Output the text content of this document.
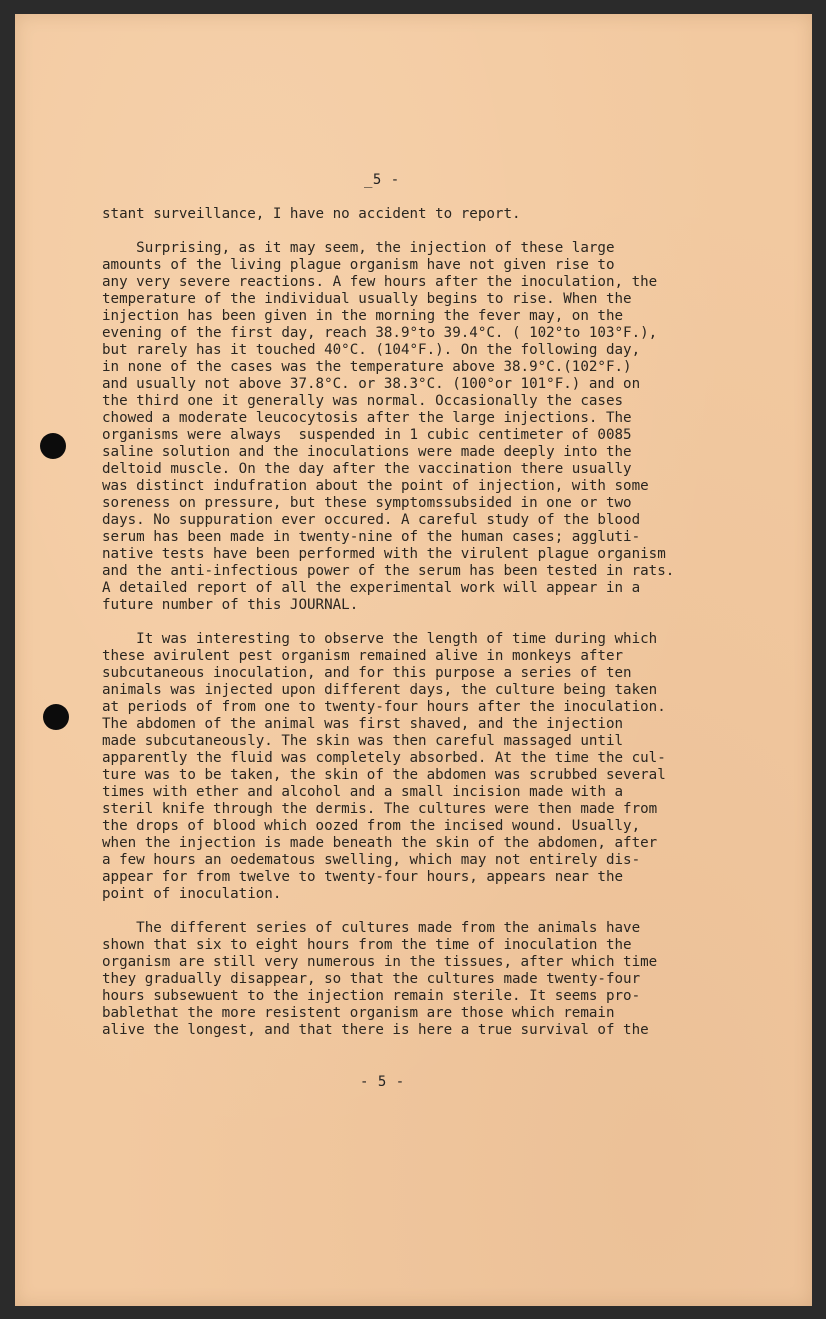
_5 -
stant surveillance, I have no accident to report.
Surprising, as it may seem, the injection of these large
amounts of the living plague organism have not given rise to
any very severe reactions. A few hours after the inoculation, the
temperature of the individual usually begins to rise. When the
injection has been given in the morning the fever may, on the
evening of the first day, reach 38.9°to 39.4°C. ( 102°to 103°F.),
but rarely has it touched 40°C. (104°F.). On the following day,
in none of the cases was the temperature above 38.9°C.(102°F.)
and usually not above 37.8°C. or 38.3°C. (100°or 101°F.) and on
the third one it generally was normal. Occasionally the cases
chowed a moderate leucocytosis after the large injections. The
organisms were always  suspended in 1 cubic centimeter of 0085
saline solution and the inoculations were made deeply into the
deltoid muscle. On the day after the vaccination there usually
was distinct indufration about the point of injection, with some
soreness on pressure, but these symptomssubsided in one or two
days. No suppuration ever occured. A careful study of the blood
serum has been made in twenty-nine of the human cases; aggluti-
native tests have been performed with the virulent plague organism
and the anti-infectious power of the serum has been tested in rats.
A detailed report of all the experimental work will appear in a
future number of this JOURNAL.
It was interesting to observe the length of time during which
these avirulent pest organism remained alive in monkeys after
subcutaneous inoculation, and for this purpose a series of ten
animals was injected upon different days, the culture being taken
at periods of from one to twenty-four hours after the inoculation.
The abdomen of the animal was first shaved, and the injection
made subcutaneously. The skin was then careful massaged until
apparently the fluid was completely absorbed. At the time the cul-
ture was to be taken, the skin of the abdomen was scrubbed several
times with ether and alcohol and a small incision made with a
steril knife through the dermis. The cultures were then made from
the drops of blood which oozed from the incised wound. Usually,
when the injection is made beneath the skin of the abdomen, after
a few hours an oedematous swelling, which may not entirely dis-
appear for from twelve to twenty-four hours, appears near the
point of inoculation.
The different series of cultures made from the animals have
shown that six to eight hours from the time of inoculation the
organism are still very numerous in the tissues, after which time
they gradually disappear, so that the cultures made twenty-four
hours subsewuent to the injection remain sterile. It seems pro-
bablethat the more resistent organism are those which remain
alive the longest, and that there is here a true survival of the
- 5 -
